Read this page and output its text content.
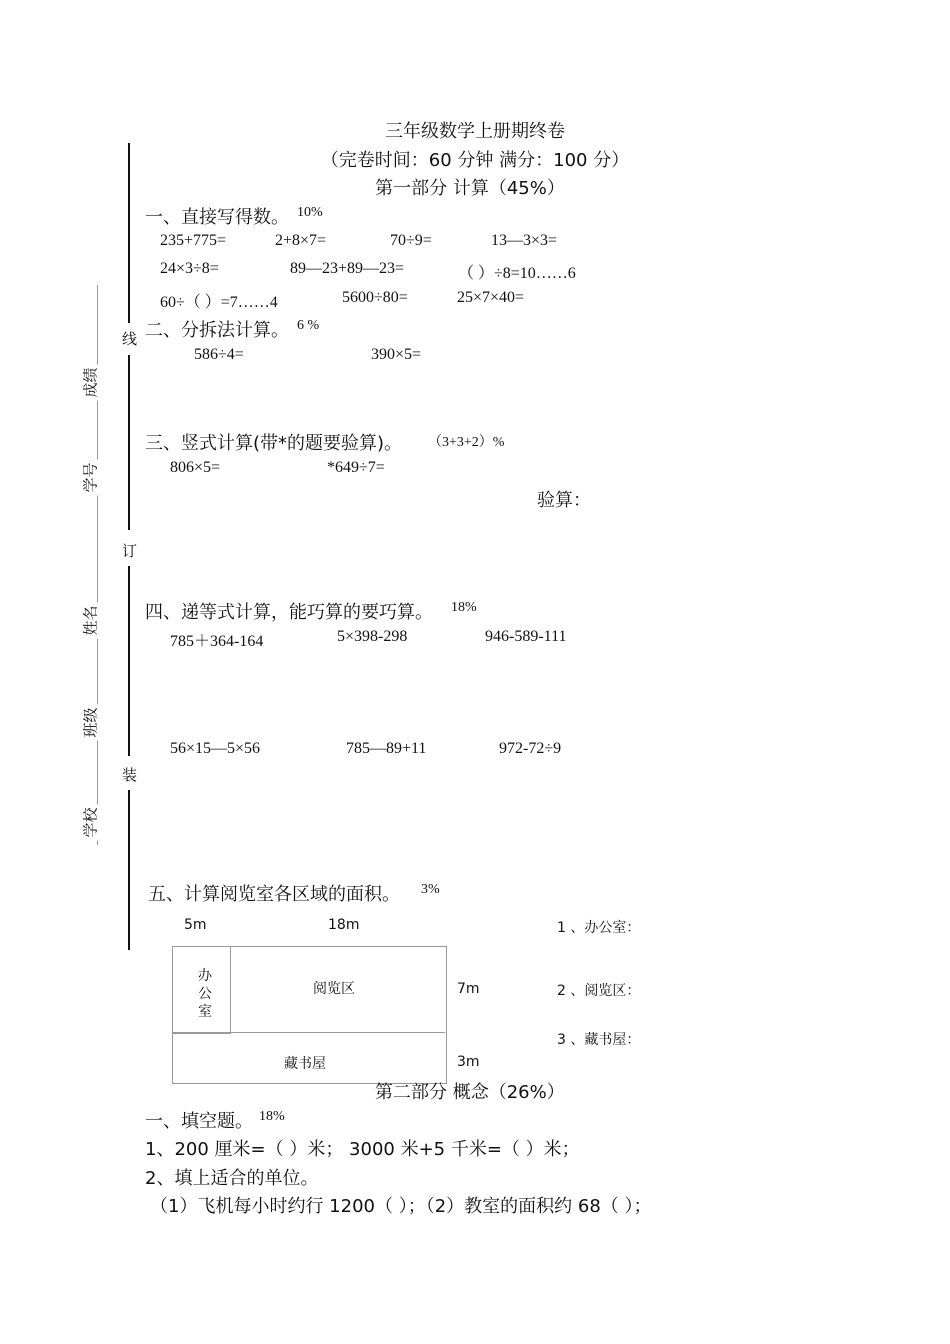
线
订
装
成绩
学号
姓名
班级
学校
三年级数学上册期终卷
（完卷时间：60 分钟 满分：100 分）
第一部分 计算（45%）
一、直接写得数。 10%
235+775=	2+8×7=	70÷9=	13—3×3=
24×3÷8=	89—23+89—23=	（ ）÷8=10……6
60÷（ ）=7……4	5600÷80=	25×7×40=
二、分拆法计算。 6 %
586÷4=	390×5=
三、竖式计算(带*的题要验算)。 （3+3+2）%
806×5=	*649÷7=
验算：
四、递等式计算，能巧算的要巧算。 18%
785＋364-164	5×398-298	946-589-111
56×15—5×56	785—89+11	972-72÷9
五、计算阅览室各区域的面积。 3%
5m	18m
办
公
室
阅览区
藏书屋
7m
3m
1 、办公室：
2 、阅览区：
3 、藏书屋：
第二部分 概念（26%）
一、填空题。 18%
1、200 厘米=（ ）米； 3000 米+5 千米=（ ）米；
2、填上适合的单位。
（1）飞机每小时约行 1200（ ）；（2）教室的面积约 68（ ）；
